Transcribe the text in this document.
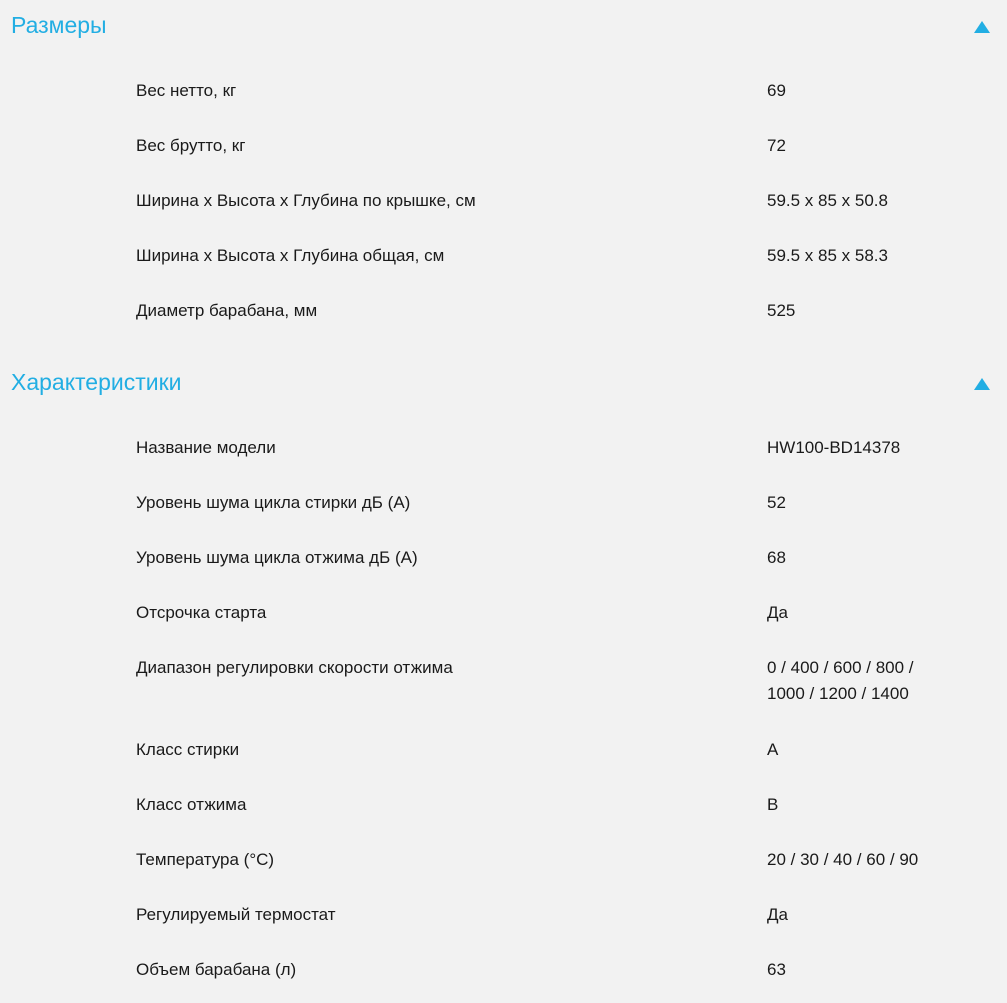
Размеры
Вес нетто, кг	69
Вес брутто, кг	72
Ширина x Высота x Глубина по крышке, см	59.5 x 85 x 50.8
Ширина x Высота x Глубина общая, см	59.5 x 85 x 58.3
Диаметр барабана, мм	525
Характеристики
Название модели	HW100-BD14378
Уровень шума цикла стирки дБ (А)	52
Уровень шума цикла отжима дБ (А)	68
Отсрочка старта	Да
Диапазон регулировки скорости отжима	0 / 400 / 600 / 800 /
1000 / 1200 / 1400
Класс стирки	A
Класс отжима	B
Температура (°C)	20 / 30 / 40 / 60 / 90
Регулируемый термостат	Да
Объем барабана (л)	63
